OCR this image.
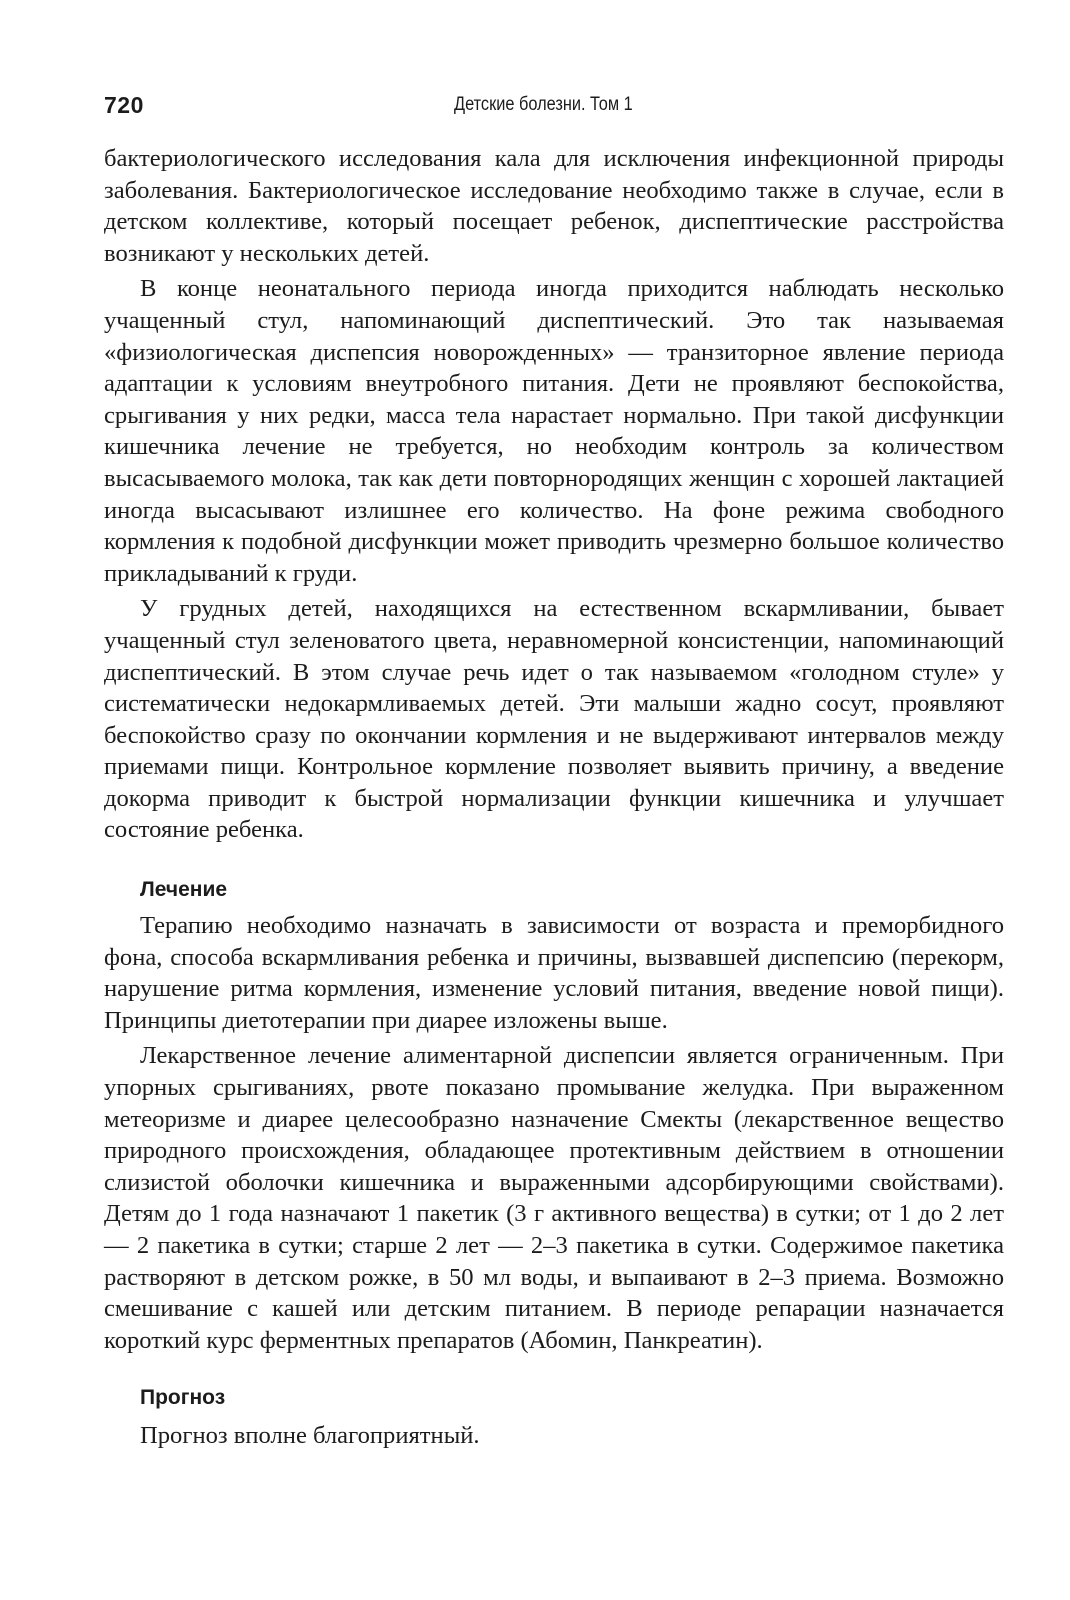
720	Детские болезни. Том 1

бактериологического исследования кала для исключения инфекционной природы заболевания. Бактериологическое исследование необходимо также в случае, если в детском коллективе, который посещает ребенок, диспептические расстройства возникают у нескольких детей.

В конце неонатального периода иногда приходится наблюдать несколько учащенный стул, напоминающий диспептический. Это так называемая «физиологическая диспепсия новорожденных» — транзиторное явление периода адаптации к условиям внеутробного питания. Дети не проявляют беспокойства, срыгивания у них редки, масса тела нарастает нормально. При такой дисфункции кишечника лечение не требуется, но необходим контроль за количеством высасываемого молока, так как дети повторнородящих женщин с хорошей лактацией иногда высасывают излишнее его количество. На фоне режима свободного кормления к подобной дисфункции может приводить чрезмерно большое количество прикладываний к груди.

У грудных детей, находящихся на естественном вскармливании, бывает учащенный стул зеленоватого цвета, неравномерной консистенции, напоминающий диспептический. В этом случае речь идет о так называемом «голодном стуле» у систематически недокармливаемых детей. Эти малыши жадно сосут, проявляют беспокойство сразу по окончании кормления и не выдерживают интервалов между приемами пищи. Контрольное кормление позволяет выявить причину, а введение докорма приводит к быстрой нормализации функции кишечника и улучшает состояние ребенка.

Лечение

Терапию необходимо назначать в зависимости от возраста и преморбидного фона, способа вскармливания ребенка и причины, вызвавшей диспепсию (перекорм, нарушение ритма кормления, изменение условий питания, введение новой пищи). Принципы диетотерапии при диарее изложены выше.

Лекарственное лечение алиментарной диспепсии является ограниченным. При упорных срыгиваниях, рвоте показано промывание желудка. При выраженном метеоризме и диарее целесообразно назначение Смекты (лекарственное вещество природного происхождения, обладающее протективным действием в отношении слизистой оболочки кишечника и выраженными адсорбирующими свойствами). Детям до 1 года назначают 1 пакетик (3 г активного вещества) в сутки; от 1 до 2 лет — 2 пакетика в сутки; старше 2 лет — 2–3 пакетика в сутки. Содержимое пакетика растворяют в детском рожке, в 50 мл воды, и выпаивают в 2–3 приема. Возможно смешивание с кашей или детским питанием. В периоде репарации назначается короткий курс ферментных препаратов (Абомин, Панкреатин).

Прогноз

Прогноз вполне благоприятный.
